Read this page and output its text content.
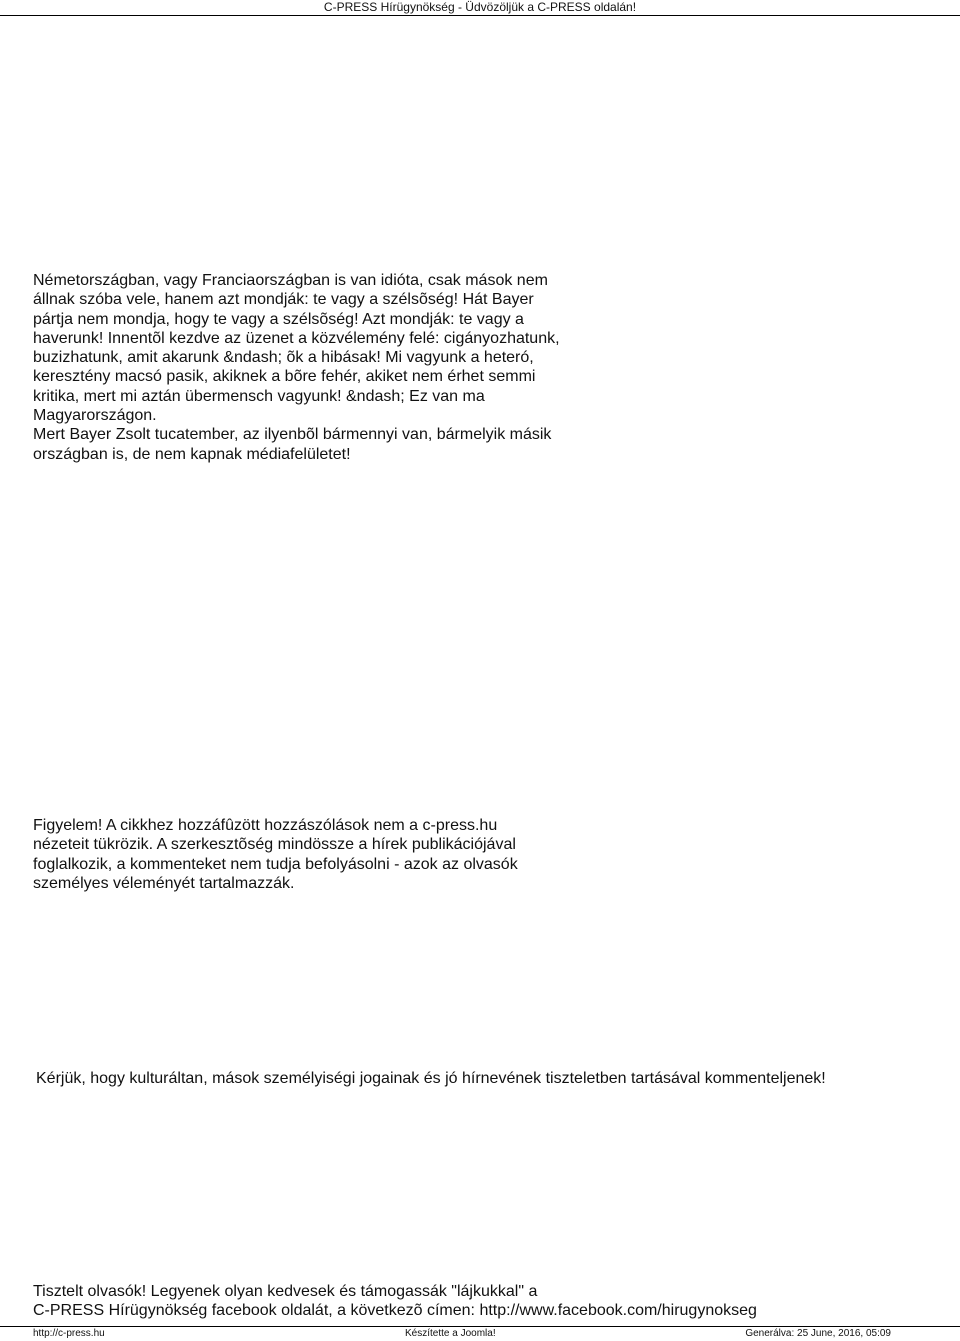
C-PRESS Hírügynökség - Üdvözöljük a C-PRESS oldalán!
Németországban, vagy Franciaországban is van idióta, csak mások nem
állnak szóba vele, hanem azt mondják: te vagy a szélsõség! Hát Bayer
pártja nem mondja, hogy te vagy a szélsõség! Azt mondják: te vagy a
haverunk! Innentõl kezdve az üzenet a közvélemény felé: cigányozhatunk,
buzizhatunk, amit akarunk &ndash; õk a hibásak! Mi vagyunk a heteró,
keresztény macsó pasik, akiknek a bõre fehér, akiket nem érhet semmi
kritika, mert mi aztán übermensch vagyunk! &ndash; Ez van ma Magyarországon.
Mert Bayer Zsolt tucatember, az ilyenbõl bármennyi van, bármelyik másik
országban is, de nem kapnak médiafelületet!
Figyelem! A cikkhez hozzáfûzött hozzászólások nem a c-press.hu
nézeteit tükrözik. A szerkesztõség mindössze a hírek publikációjával
foglalkozik, a kommenteket nem tudja befolyásolni - azok az olvasók
személyes véleményét tartalmazzák.
Kérjük, hogy kulturáltan, mások személyiségi jogainak és jó hírnevének tiszteletben tartásával kommenteljenek!
Tisztelt olvasók! Legyenek olyan kedvesek és támogassák "lájkukkal" a
C-PRESS Hírügynökség facebook oldalát, a következõ címen: http://www.facebook.com/hirugynokseg
http://c-press.hu	Készítette a Joomla!	Generálva: 25 June, 2016, 05:09
